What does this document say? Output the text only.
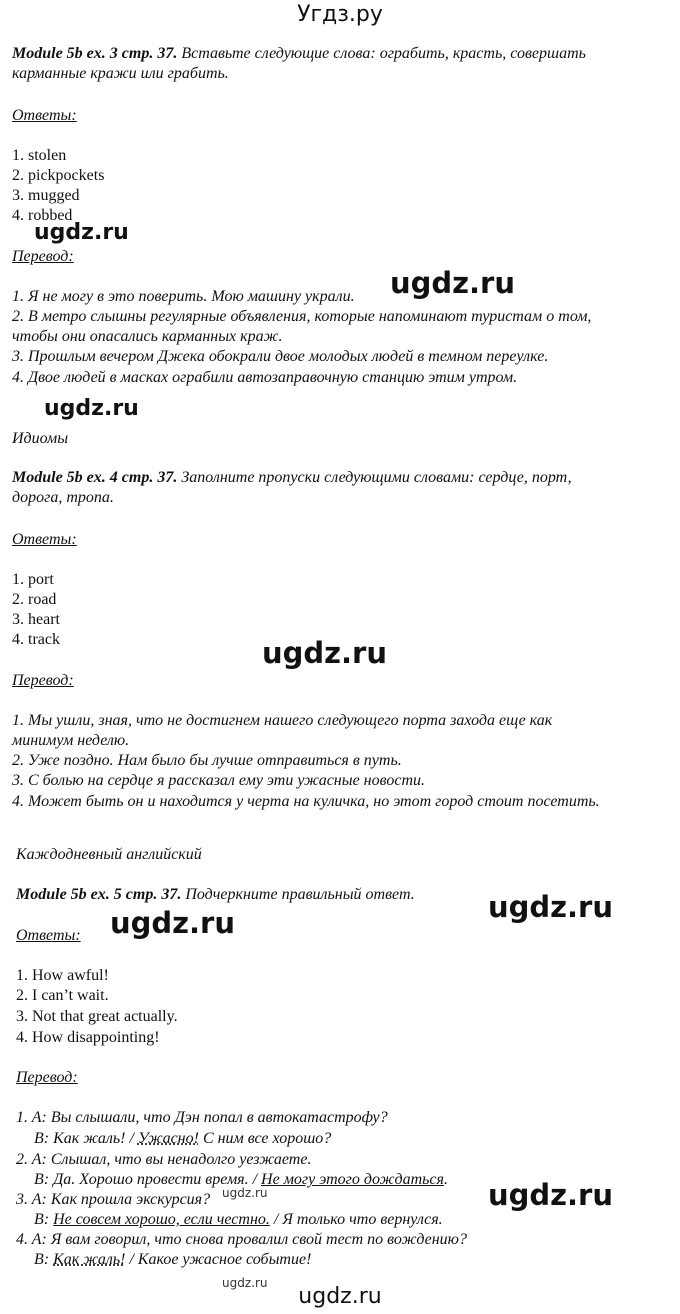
Угдз.ру
Module 5b ex. 3 стр. 37. Вставьте следующие слова: ограбить, красть, совершать
карманные кражи или грабить.
Ответы:
1. stolen
2. pickpockets
3. mugged
4. robbed
Перевод:
1. Я не могу в это поверить. Мою машину украли.
2. В метро слышны регулярные объявления, которые напоминают туристам о том,
чтобы они опасались карманных краж.
3. Прошлым вечером Джека обокрали двое молодых людей в темном переулке.
4. Двое людей в масках ограбили автозаправочную станцию этим утром.
Идиомы
Module 5b ex. 4 стр. 37. Заполните пропуски следующими словами: сердце, порт,
дорога, тропа.
Ответы:
1. port
2. road
3. heart
4. track
Перевод:
1. Мы ушли, зная, что не достигнем нашего следующего порта захода еще как
минимум неделю.
2. Уже поздно. Нам было бы лучше отправиться в путь.
3. С болью на сердце я рассказал ему эти ужасные новости.
4. Может быть он и находится у черта на куличка, но этот город стоит посетить.
Каждодневный английский
Module 5b ex. 5 стр. 37. Подчеркните правильный ответ.
Ответы:
1. How awful!
2. I can’t wait.
3. Not that great actually.
4. How disappointing!
Перевод:
1. A: Вы слышали, что Дэн попал в автокатастрофу?
B: Как жаль! / Ужасно! С ним все хорошо?
2. A: Слышал, что вы ненадолго уезжаете.
B: Да. Хорошо провести время. / Не могу этого дождаться.
3. A: Как прошла экскурсия?
B: Не совсем хорошо, если честно. / Я только что вернулся.
4. A: Я вам говорил, что снова провалил свой тест по вождению?
B: Как жаль! / Какое ужасное событие!
ugdz.ru
ugdz.ru
ugdz.ru
ugdz.ru
ugdz.ru
ugdz.ru
ugdz.ru	ugdz.ru
ugdz.ru
ugdz.ru
